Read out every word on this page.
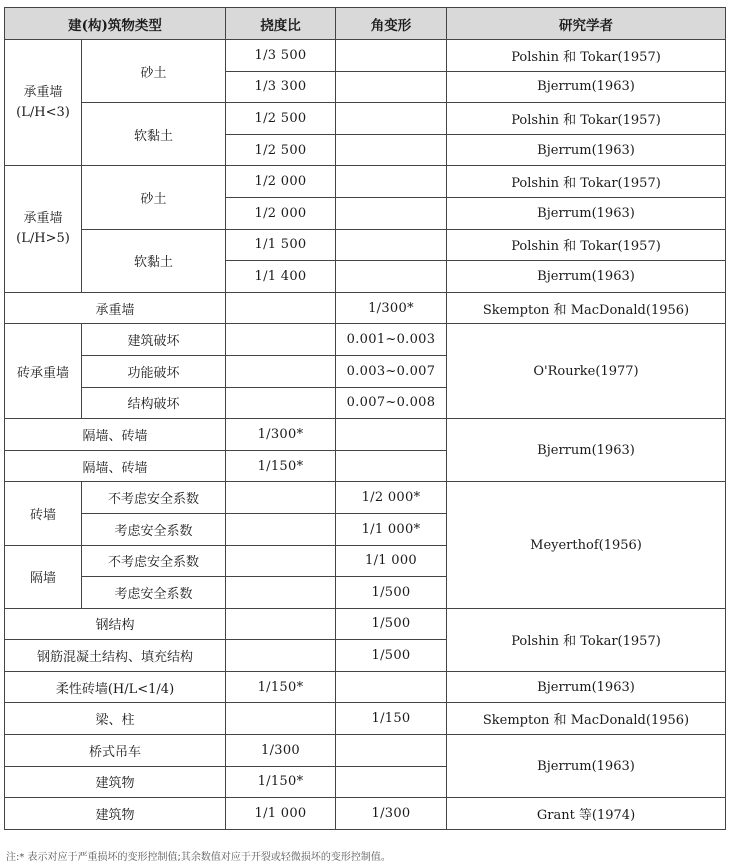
建(构)筑物类型		挠度比	角变形	研究学者
承重墙
(L/H<3)	砂土	1/3 500		Polshin 和 Tokar(1957)
		1/3 300		Bjerrum(1963)
	软黏土	1/2 500		Polshin 和 Tokar(1957)
		1/2 500		Bjerrum(1963)
承重墙
(L/H>5)	砂土	1/2 000		Polshin 和 Tokar(1957)
		1/2 000		Bjerrum(1963)
	软黏土	1/1 500		Polshin 和 Tokar(1957)
		1/1 400		Bjerrum(1963)
承重墙			1/300*	Skempton 和 MacDonald(1956)
砖承重墙	建筑破坏		0.001~0.003	O'Rourke(1977)
	功能破坏		0.003~0.007	
	结构破坏		0.007~0.008	
隔墙、砖墙		1/300*		Bjerrum(1963)
隔墙、砖墙		1/150*		
砖墙	不考虑安全系数		1/2 000*	Meyerthof(1956)
	考虑安全系数		1/1 000*	
隔墙	不考虑安全系数		1/1 000	
	考虑安全系数		1/500	
钢结构			1/500	Polshin 和 Tokar(1957)
钢筋混凝土结构、填充结构			1/500	
柔性砖墙(H/L<1/4)		1/150*		Bjerrum(1963)
梁、柱			1/150	Skempton 和 MacDonald(1956)
桥式吊车		1/300		Bjerrum(1963)
建筑物		1/150*		
建筑物		1/1 000	1/300	Grant 等(1974)
注:* 表示对应于严重损坏的变形控制值;其余数值对应于开裂或轻微损坏的变形控制值。
